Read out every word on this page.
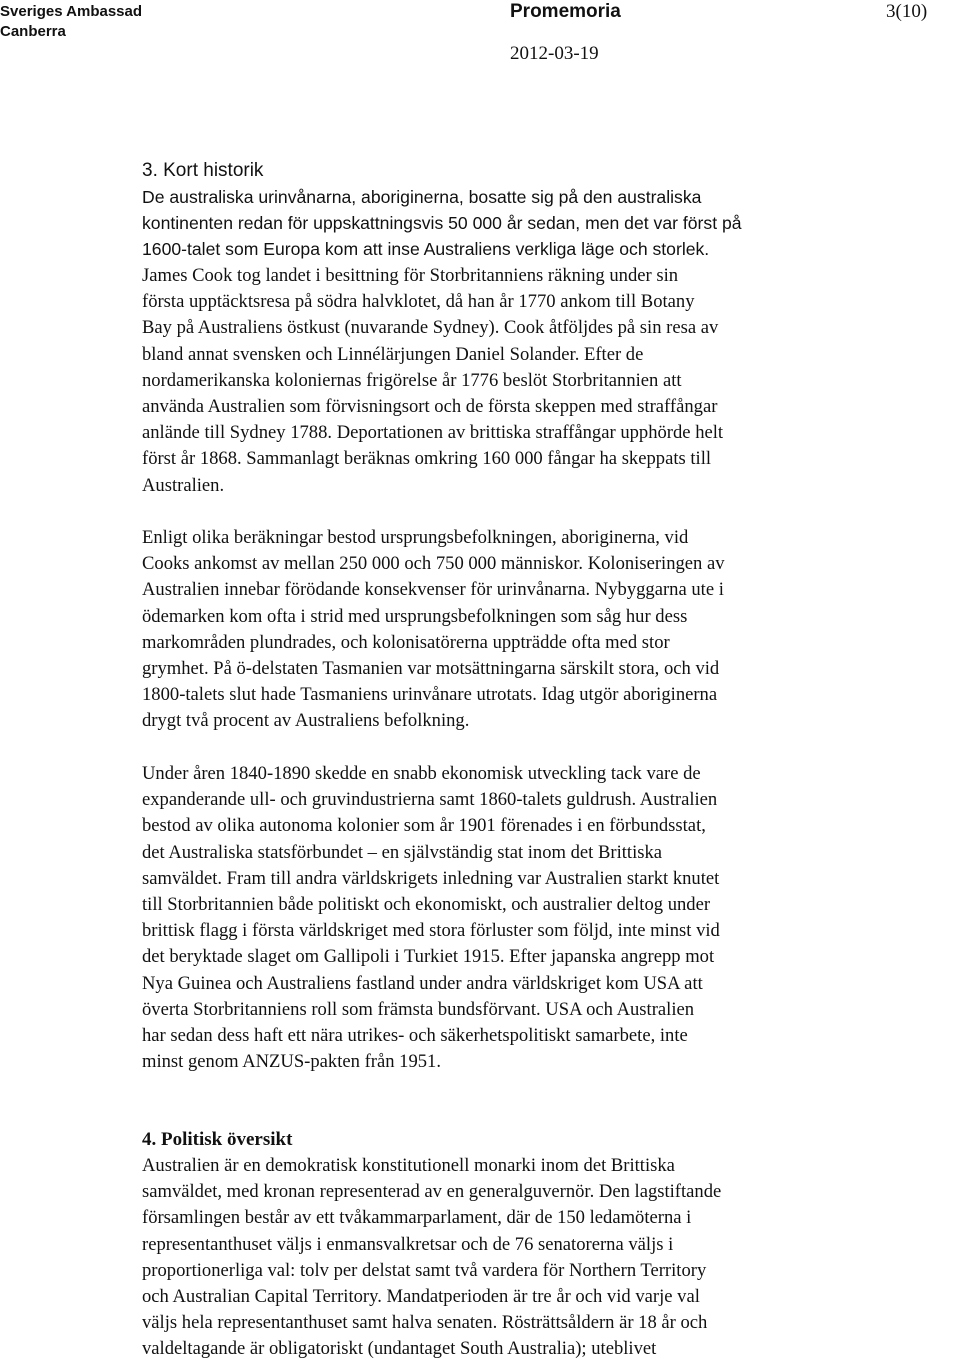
Sveriges Ambassad
Canberra
Promemoria	3(10)
2012-03-19
3. Kort historik
De australiska urinvånarna, aboriginerna, bosatte sig på den australiska
kontinenten redan för uppskattningsvis 50 000 år sedan, men det var först på
1600-talet som Europa kom att inse Australiens verkliga läge och storlek.
James Cook tog landet i besittning för Storbritanniens räkning under sin
första upptäcktsresa på södra halvklotet, då han år 1770 ankom till Botany
Bay på Australiens östkust (nuvarande Sydney). Cook åtföljdes på sin resa av
bland annat svensken och Linnélärjungen Daniel Solander. Efter de
nordamerikanska koloniernas frigörelse år 1776 beslöt Storbritannien att
använda Australien som förvisningsort och de första skeppen med straffångar
anlände till Sydney 1788. Deportationen av brittiska straffångar upphörde helt
först år 1868. Sammanlagt beräknas omkring 160 000 fångar ha skeppats till
Australien.
Enligt olika beräkningar bestod ursprungsbefolkningen, aboriginerna, vid
Cooks ankomst av mellan 250 000 och 750 000 människor. Koloniseringen av
Australien innebar förödande konsekvenser för urinvånarna. Nybyggarna ute i
ödemarken kom ofta i strid med ursprungsbefolkningen som såg hur dess
markområden plundrades, och kolonisatörerna uppträdde ofta med stor
grymhet. På ö-delstaten Tasmanien var motsättningarna särskilt stora, och vid
1800-talets slut hade Tasmaniens urinvånare utrotats. Idag utgör aboriginerna
drygt två procent av Australiens befolkning.
Under åren 1840-1890 skedde en snabb ekonomisk utveckling tack vare de
expanderande ull- och gruvindustrierna samt 1860-talets guldrush. Australien
bestod av olika autonoma kolonier som år 1901 förenades i en förbundsstat,
det Australiska statsförbundet – en självständig stat inom det Brittiska
samväldet. Fram till andra världskrigets inledning var Australien starkt knutet
till Storbritannien både politiskt och ekonomiskt, och australier deltog under
brittisk flagg i första världskriget med stora förluster som följd, inte minst vid
det beryktade slaget om Gallipoli i Turkiet 1915. Efter japanska angrepp mot
Nya Guinea och Australiens fastland under andra världskriget kom USA att
överta Storbritanniens roll som främsta bundsförvant. USA och Australien
har sedan dess haft ett nära utrikes- och säkerhetspolitiskt samarbete, inte
minst genom ANZUS-pakten från 1951.
4. Politisk översikt
Australien är en demokratisk konstitutionell monarki inom det Brittiska
samväldet, med kronan representerad av en generalguvernör. Den lagstiftande
församlingen består av ett tvåkammarparlament, där de 150 ledamöterna i
representanthuset väljs i enmansvalkretsar och de 76 senatorerna väljs i
proportionerliga val: tolv per delstat samt två vardera för Northern Territory
och Australian Capital Territory. Mandatperioden är tre år och vid varje val
väljs hela representanthuset samt halva senaten. Rösträttsåldern är 18 år och
valdeltagande är obligatoriskt (undantaget South Australia); uteblivet
